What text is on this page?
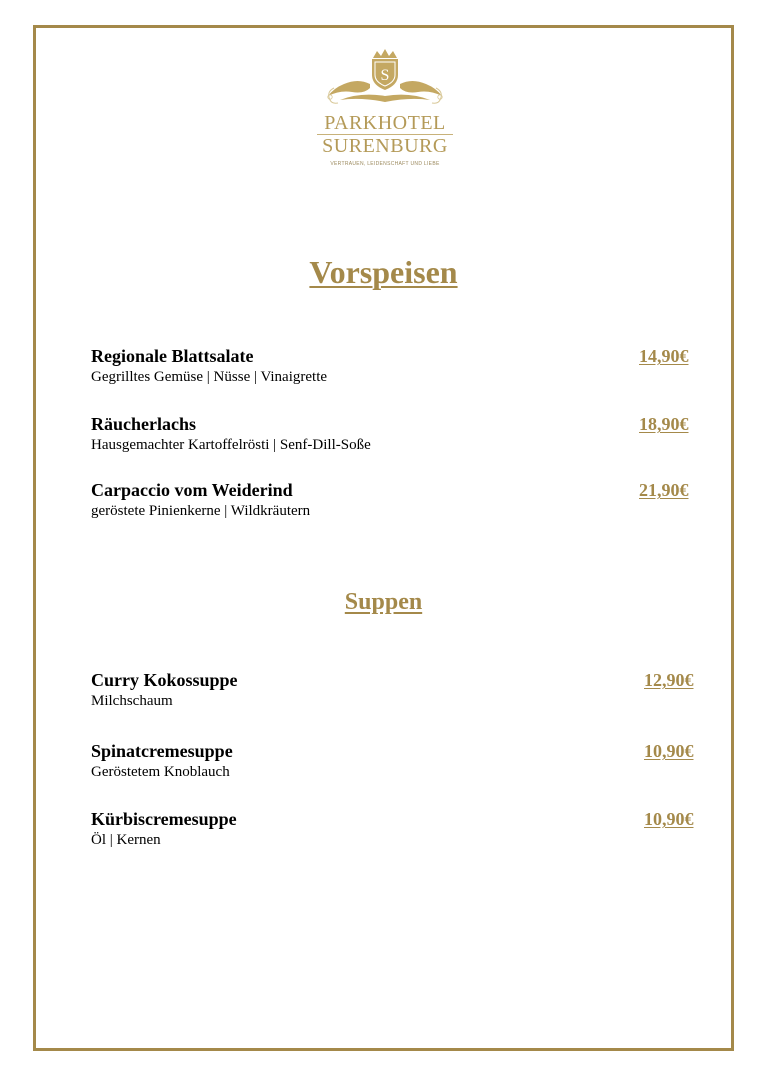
S
PARKHOTEL
SURENBURG
VERTRAUEN, LEIDENSCHAFT UND LIEBE
Vorspeisen
Regionale Blattsalate
Gegrilltes Gemüse | Nüsse | Vinaigrette
14,90€
Räucherlachs
Hausgemachter Kartoffelrösti | Senf-Dill-Soße
18,90€
Carpaccio vom Weiderind
geröstete Pinienkerne | Wildkräutern
21,90€
Suppen
Curry Kokossuppe
Milchschaum
12,90€
Spinatcremesuppe
Geröstetem Knoblauch
10,90€
Kürbiscremesuppe
Öl | Kernen
10,90€
